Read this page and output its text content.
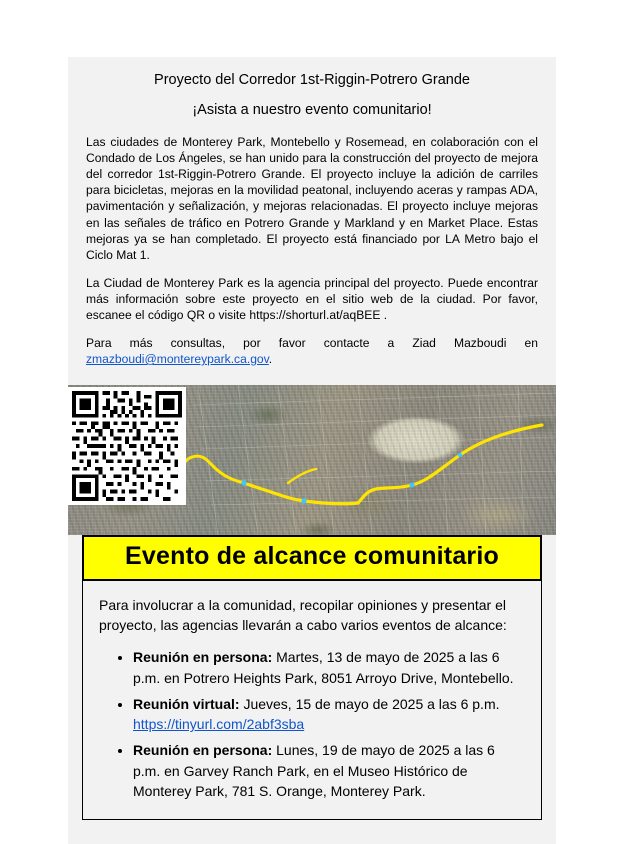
Proyecto del Corredor 1st-Riggin-Potrero Grande
¡Asista a nuestro evento comunitario!

Las ciudades de Monterey Park, Montebello y Rosemead, en colaboración con el Condado de Los Ángeles, se han unido para la construcción del proyecto de mejora del corredor 1st-Riggin-Potrero Grande. El proyecto incluye la adición de carriles para bicicletas, mejoras en la movilidad peatonal, incluyendo aceras y rampas ADA, pavimentación y señalización, y mejoras relacionadas. El proyecto incluye mejoras en las señales de tráfico en Potrero Grande y Markland y en Market Place. Estas mejoras ya se han completado. El proyecto está financiado por LA Metro bajo el Ciclo Mat 1.

La Ciudad de Monterey Park es la agencia principal del proyecto. Puede encontrar más información sobre este proyecto en el sitio web de la ciudad. Por favor, escanee el código QR o visite https://shorturl.at/aqBEE .

Para más consultas, por favor contacte a Ziad Mazboudi en zmazboudi@montereypark.ca.gov.

Evento de alcance comunitario

Para involucrar a la comunidad, recopilar opiniones y presentar el proyecto, las agencias llevarán a cabo varios eventos de alcance:

• Reunión en persona: Martes, 13 de mayo de 2025 a las 6 p.m. en Potrero Heights Park, 8051 Arroyo Drive, Montebello.
• Reunión virtual: Jueves, 15 de mayo de 2025 a las 6 p.m. https://tinyurl.com/2abf3sba
• Reunión en persona: Lunes, 19 de mayo de 2025 a las 6 p.m. en Garvey Ranch Park, en el Museo Histórico de Monterey Park, 781 S. Orange, Monterey Park.
